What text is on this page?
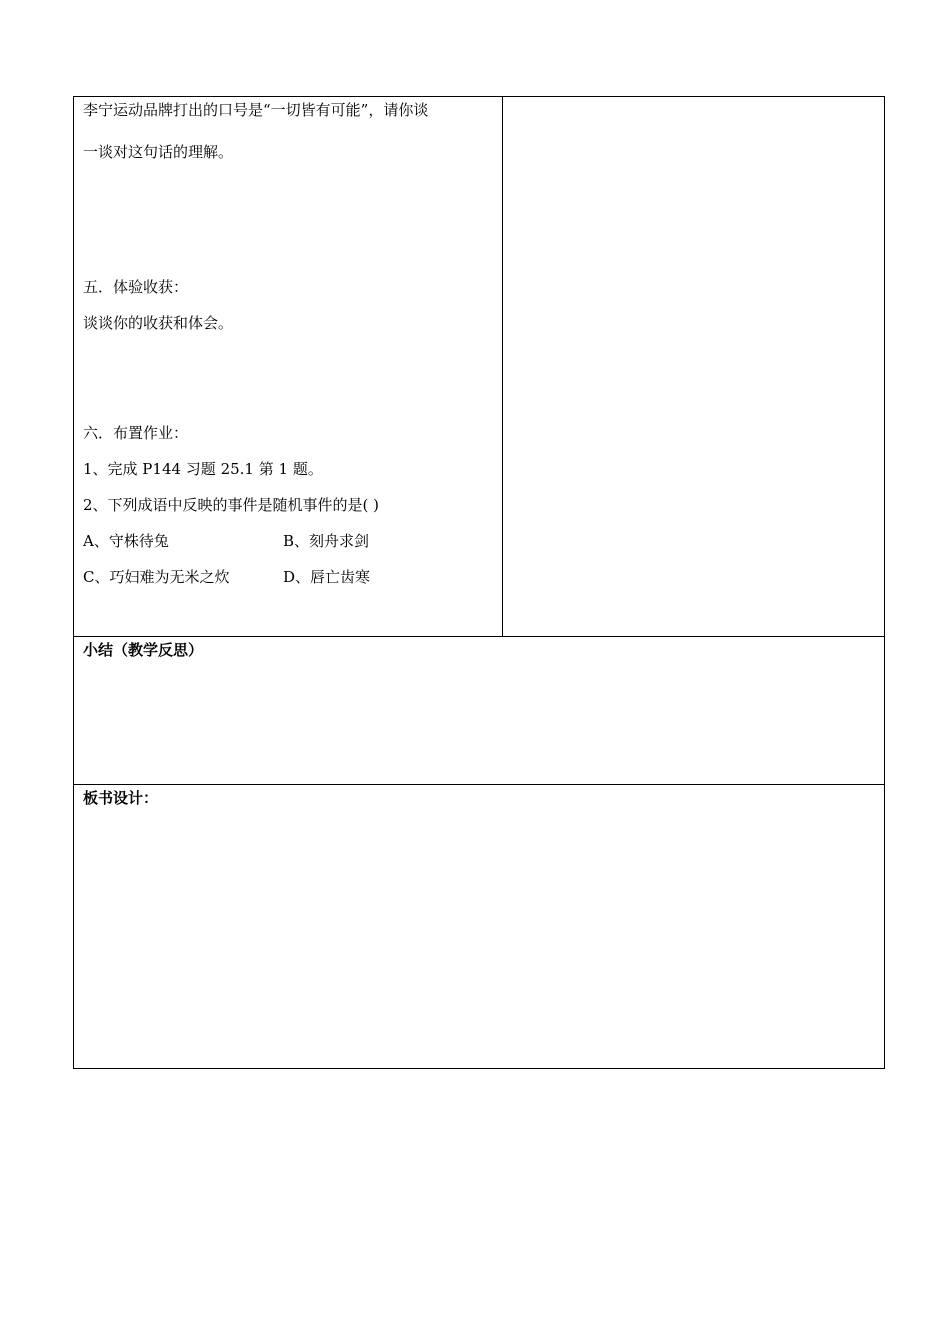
李宁运动品牌打出的口号是“一切皆有可能”，请你谈
一谈对这句话的理解。
五．体验收获：
谈谈你的收获和体会。
六．布置作业：
1、完成 P144 习题 25.1 第 1 题。
2、下列成语中反映的事件是随机事件的是( )
A、守株待兔	B、刻舟求剑
C、巧妇难为无米之炊	D、唇亡齿寒
小结（教学反思）
板书设计：
